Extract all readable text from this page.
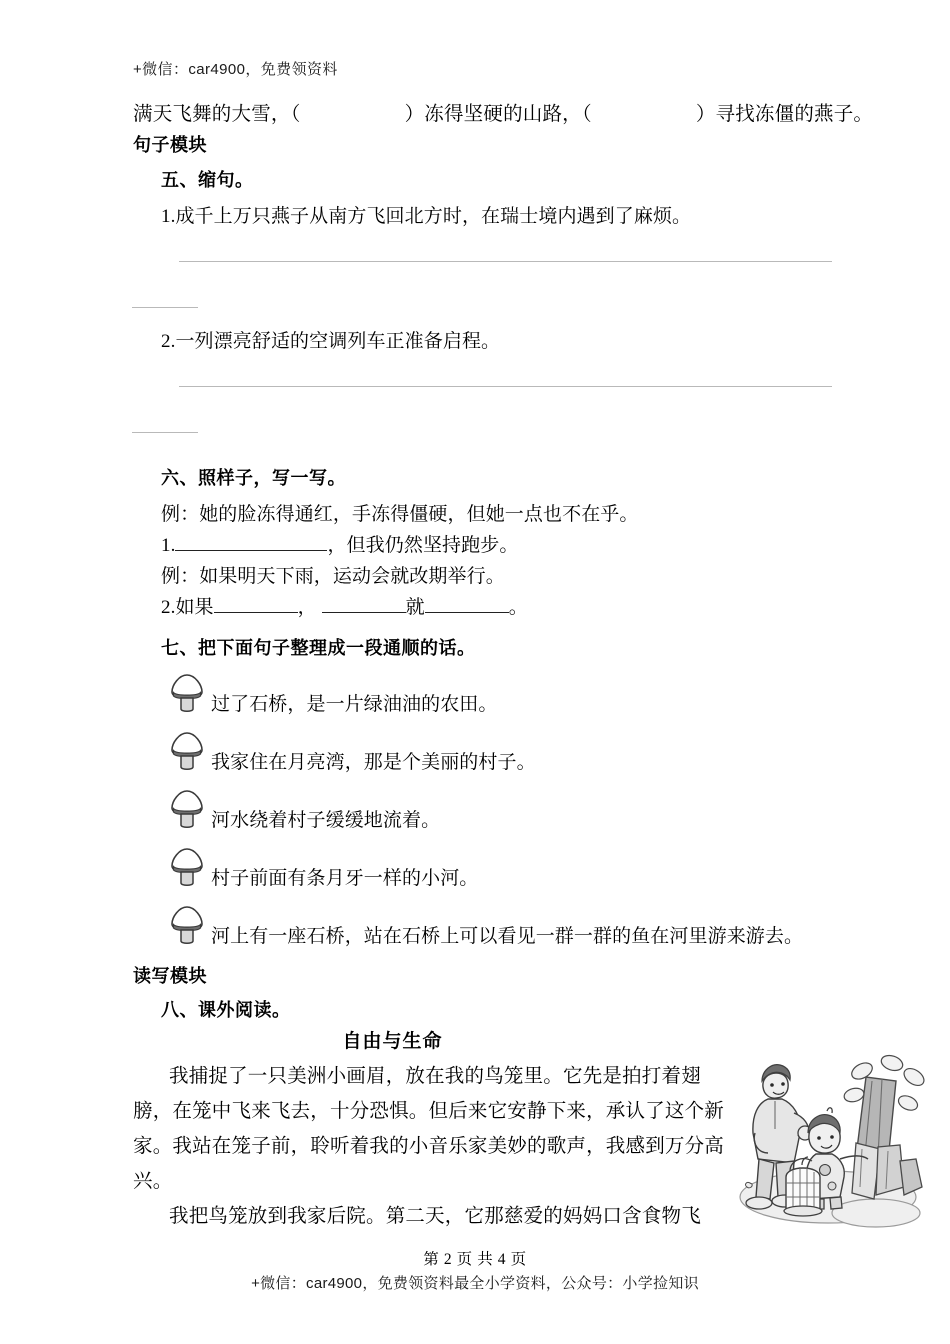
+微信：car4900，免费领资料
满天飞舞的大雪，（	）冻得坚硬的山路，（	）寻找冻僵的燕子。
句子模块
五、缩句。
1.成千上万只燕子从南方飞回北方时，在瑞士境内遇到了麻烦。
2.一列漂亮舒适的空调列车正准备启程。
六、照样子，写一写。
例：她的脸冻得通红，手冻得僵硬，但她一点也不在乎。
1.	，但我仍然坚持跑步。
例：如果明天下雨，运动会就改期举行。
2.如果	，	就	。
七、把下面句子整理成一段通顺的话。
过了石桥，是一片绿油油的农田。
我家住在月亮湾，那是个美丽的村子。
河水绕着村子缓缓地流着。
村子前面有条月牙一样的小河。
河上有一座石桥，站在石桥上可以看见一群一群的鱼在河里游来游去。
读写模块
八、课外阅读。
自由与生命
我捕捉了一只美洲小画眉，放在我的鸟笼里。它先是拍打着翅
膀，在笼中飞来飞去，十分恐惧。但后来它安静下来，承认了这个新
家。我站在笼子前，聆听着我的小音乐家美妙的歌声，我感到万分高
兴。
我把鸟笼放到我家后院。第二天，它那慈爱的妈妈口含食物飞
第 2 页 共 4 页
+微信：car4900，免费领资料最全小学资料，公众号：小学捡知识
